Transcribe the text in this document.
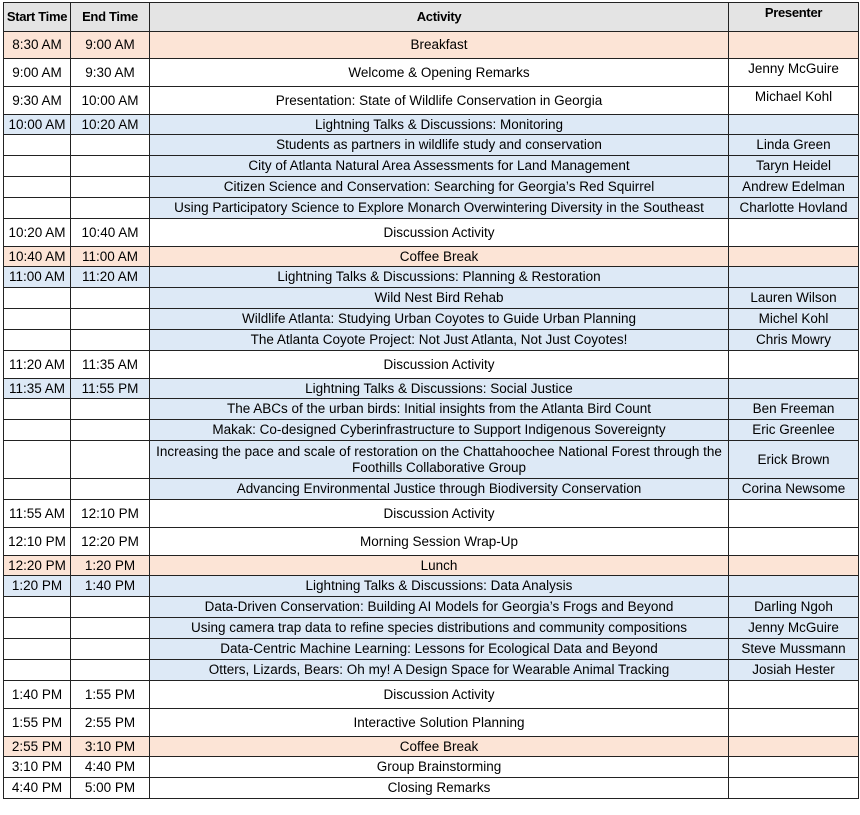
Start Time	End Time	Activity	Presenter
8:30 AM	9:00 AM	Breakfast	
9:00 AM	9:30 AM	Welcome & Opening Remarks	Jenny McGuire
9:30 AM	10:00 AM	Presentation: State of Wildlife Conservation in Georgia	Michael Kohl
10:00 AM	10:20 AM	Lightning Talks & Discussions: Monitoring	
		Students as partners in wildlife study and conservation	Linda Green
		City of Atlanta Natural Area Assessments for Land Management	Taryn Heidel
		Citizen Science and Conservation: Searching for Georgia’s Red Squirrel	Andrew Edelman
		Using Participatory Science to Explore Monarch Overwintering Diversity in the Southeast	Charlotte Hovland
10:20 AM	10:40 AM	Discussion Activity	
10:40 AM	11:00 AM	Coffee Break	
11:00 AM	11:20 AM	Lightning Talks & Discussions: Planning & Restoration	
		Wild Nest Bird Rehab	Lauren Wilson
		Wildlife Atlanta: Studying Urban Coyotes to Guide Urban Planning	Michel Kohl
		The Atlanta Coyote Project: Not Just Atlanta, Not Just Coyotes!	Chris Mowry
11:20 AM	11:35 AM	Discussion Activity	
11:35 AM	11:55 PM	Lightning Talks & Discussions: Social Justice	
		The ABCs of the urban birds: Initial insights from the Atlanta Bird Count	Ben Freeman
		Makak: Co-designed Cyberinfrastructure to Support Indigenous Sovereignty	Eric Greenlee
		Increasing the pace and scale of restoration on the Chattahoochee National Forest through the Foothills Collaborative Group	Erick Brown
		Advancing Environmental Justice through Biodiversity Conservation	Corina Newsome
11:55 AM	12:10 PM	Discussion Activity	
12:10 PM	12:20 PM	Morning Session Wrap-Up	
12:20 PM	1:20 PM	Lunch	
1:20 PM	1:40 PM	Lightning Talks & Discussions: Data Analysis	
		Data-Driven Conservation: Building AI Models for Georgia’s Frogs and Beyond	Darling Ngoh
		Using camera trap data to refine species distributions and community compositions	Jenny McGuire
		Data-Centric Machine Learning: Lessons for Ecological Data and Beyond	Steve Mussmann
		Otters, Lizards, Bears: Oh my! A Design Space for Wearable Animal Tracking	Josiah Hester
1:40 PM	1:55 PM	Discussion Activity	
1:55 PM	2:55 PM	Interactive Solution Planning	
2:55 PM	3:10 PM	Coffee Break	
3:10 PM	4:40 PM	Group Brainstorming	
4:40 PM	5:00 PM	Closing Remarks	
